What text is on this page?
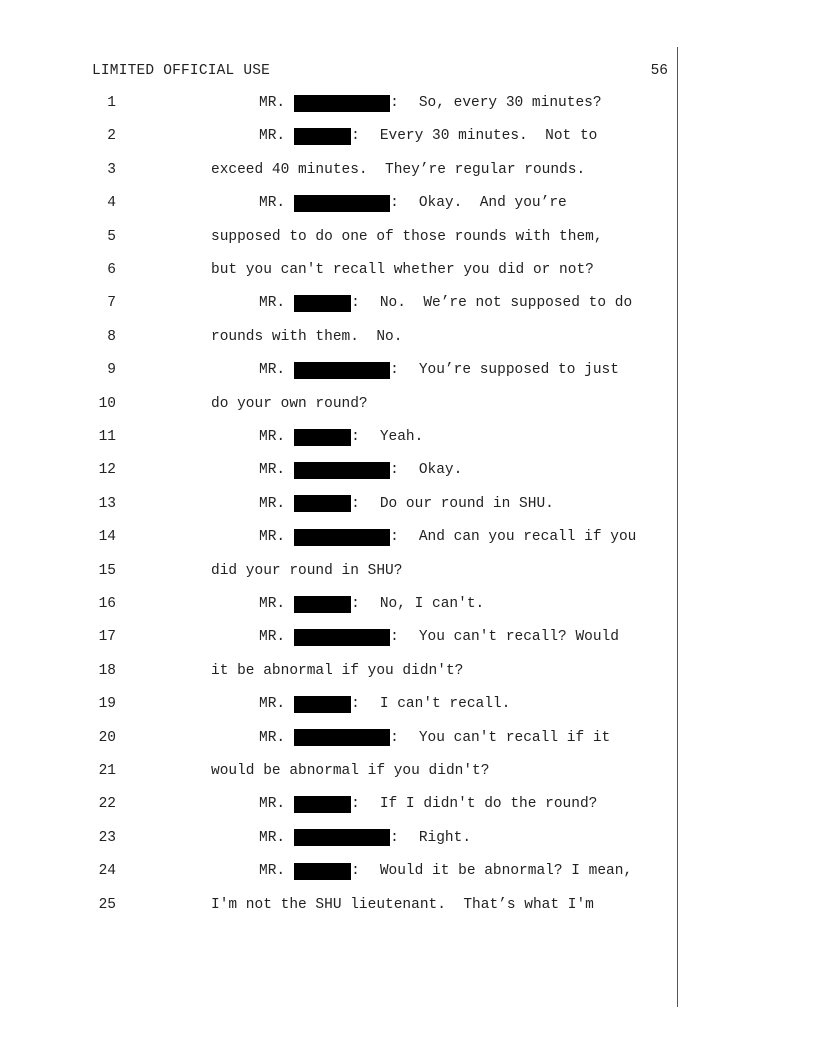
LIMITED OFFICIAL USE	56
1	MR.	: So, every 30 minutes?
2	MR.	: Every 30 minutes.  Not to
3	exceed 40 minutes.  They’re regular rounds.
4	MR.	: Okay.  And you’re
5	supposed to do one of those rounds with them,
6	but you can't recall whether you did or not?
7	MR.	: No.  We’re not supposed to do
8	rounds with them.  No.
9	MR.	: You’re supposed to just
10	do your own round?
11	MR.	: Yeah.
12	MR.	: Okay.
13	MR.	: Do our round in SHU.
14	MR.	: And can you recall if you
15	did your round in SHU?
16	MR.	: No, I can't.
17	MR.	: You can't recall? Would
18	it be abnormal if you didn't?
19	MR.	: I can't recall.
20	MR.	: You can't recall if it
21	would be abnormal if you didn't?
22	MR.	: If I didn't do the round?
23	MR.	: Right.
24	MR.	: Would it be abnormal? I mean,
25	I'm not the SHU lieutenant.  That’s what I'm
